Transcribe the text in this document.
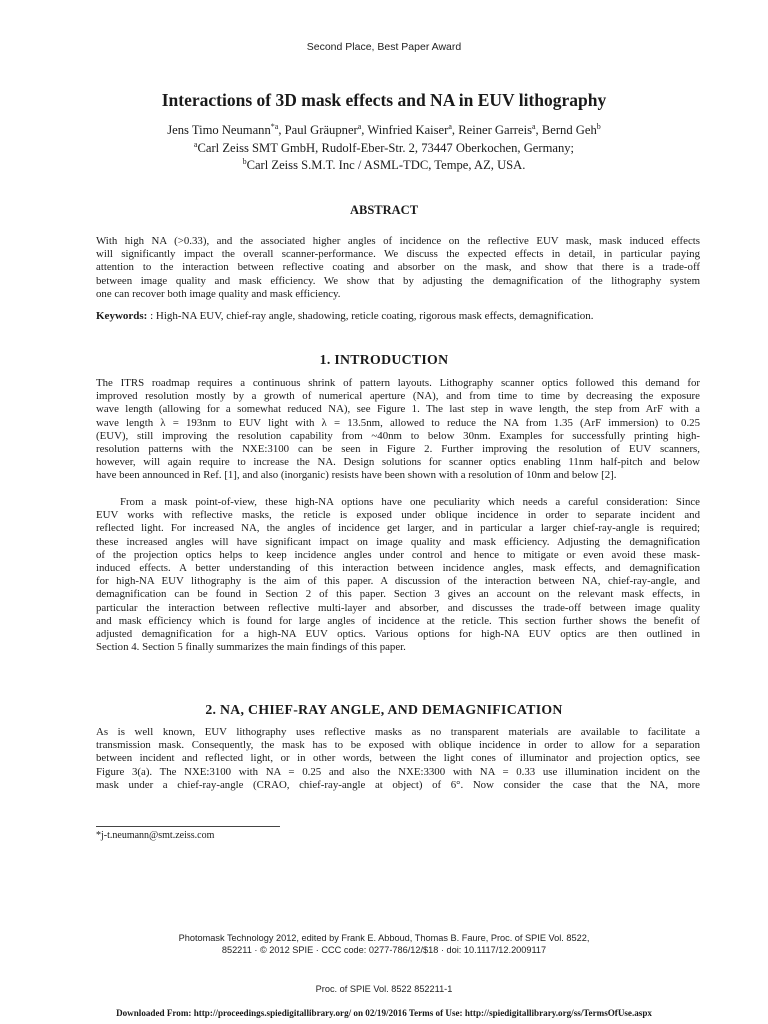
Second Place, Best Paper Award
Interactions of 3D mask effects and NA in EUV lithography
Jens Timo Neumann$^{*a}$, Paul Gräupner$^a$, Winfried Kaiser$^a$, Reiner Garreis$^a$, Bernd Geh$^b$
$^a$Carl Zeiss SMT GmbH, Rudolf-Eber-Str. 2, 73447 Oberkochen, Germany;
$^b$Carl Zeiss S.M.T. Inc / ASML-TDC, Tempe, AZ, USA.
ABSTRACT
With high NA (>0.33), and the associated higher angles of incidence on the reflective EUV mask, mask induced effects
will significantly impact the overall scanner-performance. We discuss the expected effects in detail, in particular paying
attention to the interaction between reflective coating and absorber on the mask, and show that there is a trade-off
between image quality and mask efficiency. We show that by adjusting the demagnification of the lithography system
one can recover both image quality and mask efficiency.
Keywords: : High-NA EUV, chief-ray angle, shadowing, reticle coating, rigorous mask effects, demagnification.
1. INTRODUCTION
The ITRS roadmap requires a continuous shrink of pattern layouts. Lithography scanner optics followed this demand for
improved resolution mostly by a growth of numerical aperture (NA), and from time to time by decreasing the exposure
wave length (allowing for a somewhat reduced NA), see Figure 1. The last step in wave length, the step from ArF with a
wave length λ = 193nm to EUV light with λ = 13.5nm, allowed to reduce the NA from 1.35 (ArF immersion) to 0.25
(EUV), still improving the resolution capability from ~40nm to below 30nm. Examples for successfully printing high-
resolution patterns with the NXE:3100 can be seen in Figure 2. Further improving the resolution of EUV scanners,
however, will again require to increase the NA. Design solutions for scanner optics enabling 11nm half-pitch and below
have been announced in Ref. [1], and also (inorganic) resists have been shown with a resolution of 10nm and below [2].
From a mask point-of-view, these high-NA options have one peculiarity which needs a careful consideration: Since
EUV works with reflective masks, the reticle is exposed under oblique incidence in order to separate incident and
reflected light. For increased NA, the angles of incidence get larger, and in particular a larger chief-ray-angle is required;
these increased angles will have significant impact on image quality and mask efficiency. Adjusting the demagnification
of the projection optics helps to keep incidence angles under control and hence to mitigate or even avoid these mask-
induced effects. A better understanding of this interaction between incidence angles, mask effects, and demagnification
for high-NA EUV lithography is the aim of this paper. A discussion of the interaction between NA, chief-ray-angle, and
demagnification can be found in Section 2 of this paper. Section 3 gives an account on the relevant mask effects, in
particular the interaction between reflective multi-layer and absorber, and discusses the trade-off between image quality
and mask efficiency which is found for large angles of incidence at the reticle. This section further shows the benefit of
adjusted demagnification for a high-NA EUV optics. Various options for high-NA EUV optics are then outlined in
Section 4. Section 5 finally summarizes the main findings of this paper.
2. NA, CHIEF-RAY ANGLE, AND DEMAGNIFICATION
As is well known, EUV lithography uses reflective masks as no transparent materials are available to facilitate a
transmission mask. Consequently, the mask has to be exposed with oblique incidence in order to allow for a separation
between incident and reflected light, or in other words, between the light cones of illuminator and projection optics, see
Figure 3(a). The NXE:3100 with NA = 0.25 and also the NXE:3300 with NA = 0.33 use illumination incident on the
mask under a chief-ray-angle (CRAO, chief-ray-angle at object) of 6°. Now consider the case that the NA, more
*j-t.neumann@smt.zeiss.com
Photomask Technology 2012, edited by Frank E. Abboud, Thomas B. Faure, Proc. of SPIE Vol. 8522,
852211 · © 2012 SPIE · CCC code: 0277-786/12/$18 · doi: 10.1117/12.2009117
Proc. of SPIE Vol. 8522 852211-1
Downloaded From: http://proceedings.spiedigitallibrary.org/ on 02/19/2016 Terms of Use: http://spiedigitallibrary.org/ss/TermsOfUse.aspx
